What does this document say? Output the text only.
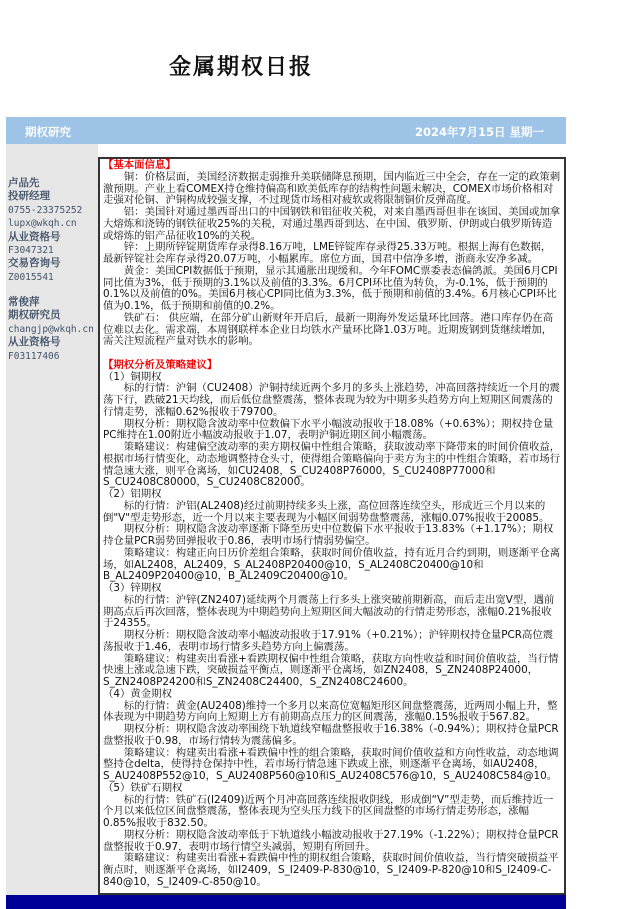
金属期权日报
期权研究	2024年7月15日 星期一
卢品先
投研经理
0755-23375252
lupx@wkqh.cn
从业资格号
F3047321
交易咨询号
Z0015541
常俊萍
期权研究员
changjp@wkqh.cn
从业资格号
F03117406
【基本面信息】

铜：价格层面，美国经济数据走弱推升美联储降息预期，国内临近三中全会，存在一定的政策刺激预期。产业上看COMEX持仓维持偏高和欧美低库存的结构性问题未解决，COMEX市场价格相对走强对伦铜、沪铜构成较强支撑，不过现货市场相对疲软或将限制铜价反弹高度。

铝：美国针对通过墨西哥出口的中国钢铁和铝征收关税，对来自墨西哥但非在该国、美国或加拿大熔炼和浇铸的钢铁征收25%的关税，对通过墨西哥到达、在中国、俄罗斯、伊朗或白俄罗斯铸造或熔炼的铝产品征收10%的关税。

锌：上期所锌锭期货库存录得8.16万吨，LME锌锭库存录得25.33万吨。根据上海有色数据，最新锌锭社会库存录得20.07万吨，小幅累库。席位方面，国君中信净多增，浙商永安净多减。

黄金：美国CPI数据低于预期，显示其通胀出现缓和。今年FOMC票委表态偏鸽派。美国6月CPI同比值为3%，低于预期的3.1%以及前值的3.3%。6月CPI环比值为转负，为-0.1%，低于预期的0.1%以及前值的0%。美国6月核心CPI同比值为3.3%，低于预期和前值的3.4%。6月核心CPI环比值为0.1%，低于预期和前值的0.2%。

铁矿石： 供应端，在部分矿山新财年开启后，最新一期海外发运量环比回落。港口库存仍在高位难以去化。需求端，本周钢联样本企业日均铁水产量环比降1.03万吨。近期废钢到货继续增加，需关注短流程产量对铁水的影响。

【期权分析及策略建议】

（1）铜期权

标的行情：沪铜（CU2408）沪铜持续近两个多月的多头上涨趋势，冲高回落持续近一个月的震荡下行，跌破21天均线，而后低位盘整震荡，整体表现为较为中期多头趋势方向上短期区间震荡的行情走势，涨幅0.62%报收于79700。

期权分析：期权隐含波动率中位数偏下水平小幅波动报收于18.08%（+0.63%）；期权持仓量PC维持在1.00附近小幅波动报收于1.07，表明沪铜近期区间小幅震荡。

策略建议：构建偏空波动率的卖方期权偏中性组合策略，获取波动率下降带来的时间价值收益，根据市场行情变化，动态地调整持仓头寸，使得组合策略偏向于卖方为主的中性组合策略，若市场行情急速大涨，则平仓离场，如CU2408，S_CU2408P76000，S_CU2408P77000和S_CU2408C80000，S_CU2408C82000。

（2）铝期权

标的行情：沪铝(AL2408)经过前期持续多头上涨，高位回落连续空头，形成近三个月以来的倒"V"型走势形态，近一个月以来主要表现为小幅区间弱势盘整震荡，涨幅0.07%报收于20085。

期权分析：期权隐含波动率逐渐下降至历史中位数偏下水平报收于13.83%（+1.17%）；期权持仓量PCR弱势回弹报收于0.86，表明市场行情弱势偏空。

策略建议：构建正向日历价差组合策略，获取时间价值收益，持有近月合约到期，则逐渐平仓离场，如AL2408，AL2409，S_AL2408P20400@10，S_AL2408C20400@10和B_AL2409P20400@10，B_AL2409C20400@10。

（3）锌期权

标的行情：沪锌(ZN2407)延续两个月震荡上行多头上涨突破前期新高，而后走出宽V型，遇前期高点后再次回落，整体表现为中期趋势向上短期区间大幅波动的行情走势形态，涨幅0.21%报收于24355。

期权分析：期权隐含波动率小幅波动报收于17.91%（+0.21%）；沪锌期权持仓量PCR高位震荡报收于1.46，表明市场行情多头趋势方向上偏震荡。

策略建议：构建卖出看涨+看跌期权偏中性组合策略，获取方向性收益和时间价值收益，当行情快速上涨或急速下跌，突破损益平衡点，则逐渐平仓离场，如ZN2408，S_ZN2408P24000，S_ZN2408P24200和S_ZN2408C24400，S_ZN2408C24600。

（4）黄金期权

标的行情：黄金(AU2408)维持一个多月以来高位宽幅矩形区间盘整震荡，近两周小幅上升，整体表现为中期趋势方向向上短期上方有前期高点压力的区间震荡，涨幅0.15%报收于567.82。

期权分析：期权隐含波动率围绕下轨道线窄幅盘整报收于16.38%（-0.94%）；期权持仓量PCR盘整报收于0.98，市场行情转为震荡偏多。

策略建议：构建卖出看涨+看跌偏中性的组合策略，获取时间价值收益和方向性收益，动态地调整持仓delta，使得持仓保持中性，若市场行情急速下跌或上涨，则逐渐平仓离场，如AU2408，S_AU2408P552@10，S_AU2408P560@10和S_AU2408C576@10，S_AU2408C584@10。

（5）铁矿石期权

标的行情：铁矿石(I2409)近两个月冲高回落连续报收阴线，形成倒“V”型走势，而后维持近一个月以来低位区间盘整震荡，整体表现为空头压力线下的区间盘整的市场行情走势形态，涨幅0.85%报收于832.50。

期权分析：期权隐含波动率低于下轨道线小幅波动报收于27.19%（-1.22%）；期权持仓量PCR盘整报收于0.97，表明市场行情空头减弱，短期有所回升。

策略建议：构建卖出看涨+看跌偏中性的期权组合策略，获取时间价值收益，当行情突破损益平衡点时，则逐渐平仓离场，如I2409，S_I2409-P-830@10，S_I2409-P-820@10和S_I2409-C-840@10，S_I2409-C-850@10。
